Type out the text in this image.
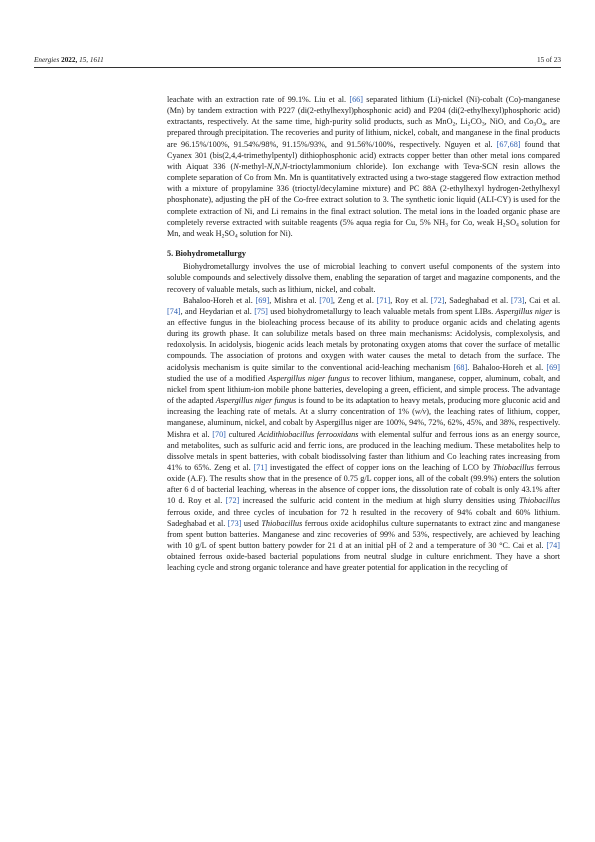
Energies 2022, 15, 1611	15 of 23

leachate with an extraction rate of 99.1%. Liu et al. [66] separated lithium (Li)-nickel (Ni)-cobalt (Co)-manganese (Mn) by tandem extraction with P227 (di(2-ethylhexyl)phosphonic acid) and P204 (di(2-ethylhexyl)phosphoric acid) extractants, respectively. At the same time, high-purity solid products, such as MnO$_2$, $Li_2CO_3$, NiO, and $Co_3O_4$, are prepared through precipitation. The recoveries and purity of lithium, nickel, cobalt, and manganese in the final products are 96.15%/100%, 91.54%/98%, 91.15%/93%, and 91.56%/100%, respectively. Nguyen et al. [67,68] found that Cyanex 301 (bis(2,4,4-trimethylpentyl) dithiophosphonic acid) extracts copper better than other metal ions compared with Aiquat 336 (N-methyl-N,N,N-trioctylammonium chloride). Ion exchange with Teva-SCN resin allows the complete separation of Co from Mn. Mn is quantitatively extracted using a two-stage staggered flow extraction method with a mixture of propylamine 336 (trioctyl/decylamine mixture) and PC 88A (2-ethylhexyl hydrogen-2ethylhexyl phosphonate), adjusting the pH of the Co-free extract solution to 3. The synthetic ionic liquid (ALI-CY) is used for the complete extraction of Ni, and Li remains in the final extract solution. The metal ions in the loaded organic phase are completely reverse extracted with suitable reagents (5% aqua regia for Cu, 5% $NH_3$ for Co, weak $H_2SO_4$ solution for Mn, and weak $H_2SO_4$ solution for Ni).

5. Biohydrometallurgy

Biohydrometallurgy involves the use of microbial leaching to convert useful components of the system into soluble compounds and selectively dissolve them, enabling the separation of target and magazine components, and the recovery of valuable metals, such as lithium, nickel, and cobalt.

Bahaloo-Horeh et al. [69], Mishra et al. [70], Zeng et al. [71], Roy et al. [72], Sadeghabad et al. [73], Cai et al. [74], and Heydarian et al. [75] used biohydrometallurgy to leach valuable metals from spent LIBs. Aspergillus niger is an effective fungus in the bioleaching process because of its ability to produce organic acids and chelating agents during its growth phase. It can solubilize metals based on three main mechanisms: Acidolysis, complexolysis, and redoxolysis. In acidolysis, biogenic acids leach metals by protonating oxygen atoms that cover the surface of metallic compounds. The association of protons and oxygen with water causes the metal to detach from the surface. The acidolysis mechanism is quite similar to the conventional acid-leaching mechanism [68]. Bahaloo-Horeh et al. [69] studied the use of a modified Aspergillus niger fungus to recover lithium, manganese, copper, aluminum, cobalt, and nickel from spent lithium-ion mobile phone batteries, developing a green, efficient, and simple process. The advantage of the adapted Aspergillus niger fungus is found to be its adaptation to heavy metals, producing more gluconic acid and increasing the leaching rate of metals. At a slurry concentration of 1% (w/v), the leaching rates of lithium, copper, manganese, aluminum, nickel, and cobalt by Aspergillus niger are 100%, 94%, 72%, 62%, 45%, and 38%, respectively. Mishra et al. [70] cultured Acidithiobacillus ferrooxidans with elemental sulfur and ferrous ions as an energy source, and metabolites, such as sulfuric acid and ferric ions, are produced in the leaching medium. These metabolites help to dissolve metals in spent batteries, with cobalt biodissolving faster than lithium and Co leaching rates increasing from 41% to 65%. Zeng et al. [71] investigated the effect of copper ions on the leaching of LCO by Thiobacillus ferrous oxide (A.F). The results show that in the presence of 0.75 g/L copper ions, all of the cobalt (99.9%) enters the solution after 6 d of bacterial leaching, whereas in the absence of copper ions, the dissolution rate of cobalt is only 43.1% after 10 d. Roy et al. [72] increased the sulfuric acid content in the medium at high slurry densities using Thiobacillus ferrous oxide, and three cycles of incubation for 72 h resulted in the recovery of 94% cobalt and 60% lithium. Sadeghabad et al. [73] used Thiobacillus ferrous oxide acidophilus culture supernatants to extract zinc and manganese from spent button batteries. Manganese and zinc recoveries of 99% and 53%, respectively, are achieved by leaching with 10 g/L of spent button battery powder for 21 d at an initial pH of 2 and a temperature of 30 °C. Cai et al. [74] obtained ferrous oxide-based bacterial populations from neutral sludge in culture enrichment. They have a short leaching cycle and strong organic tolerance and have greater potential for application in the recycling of
